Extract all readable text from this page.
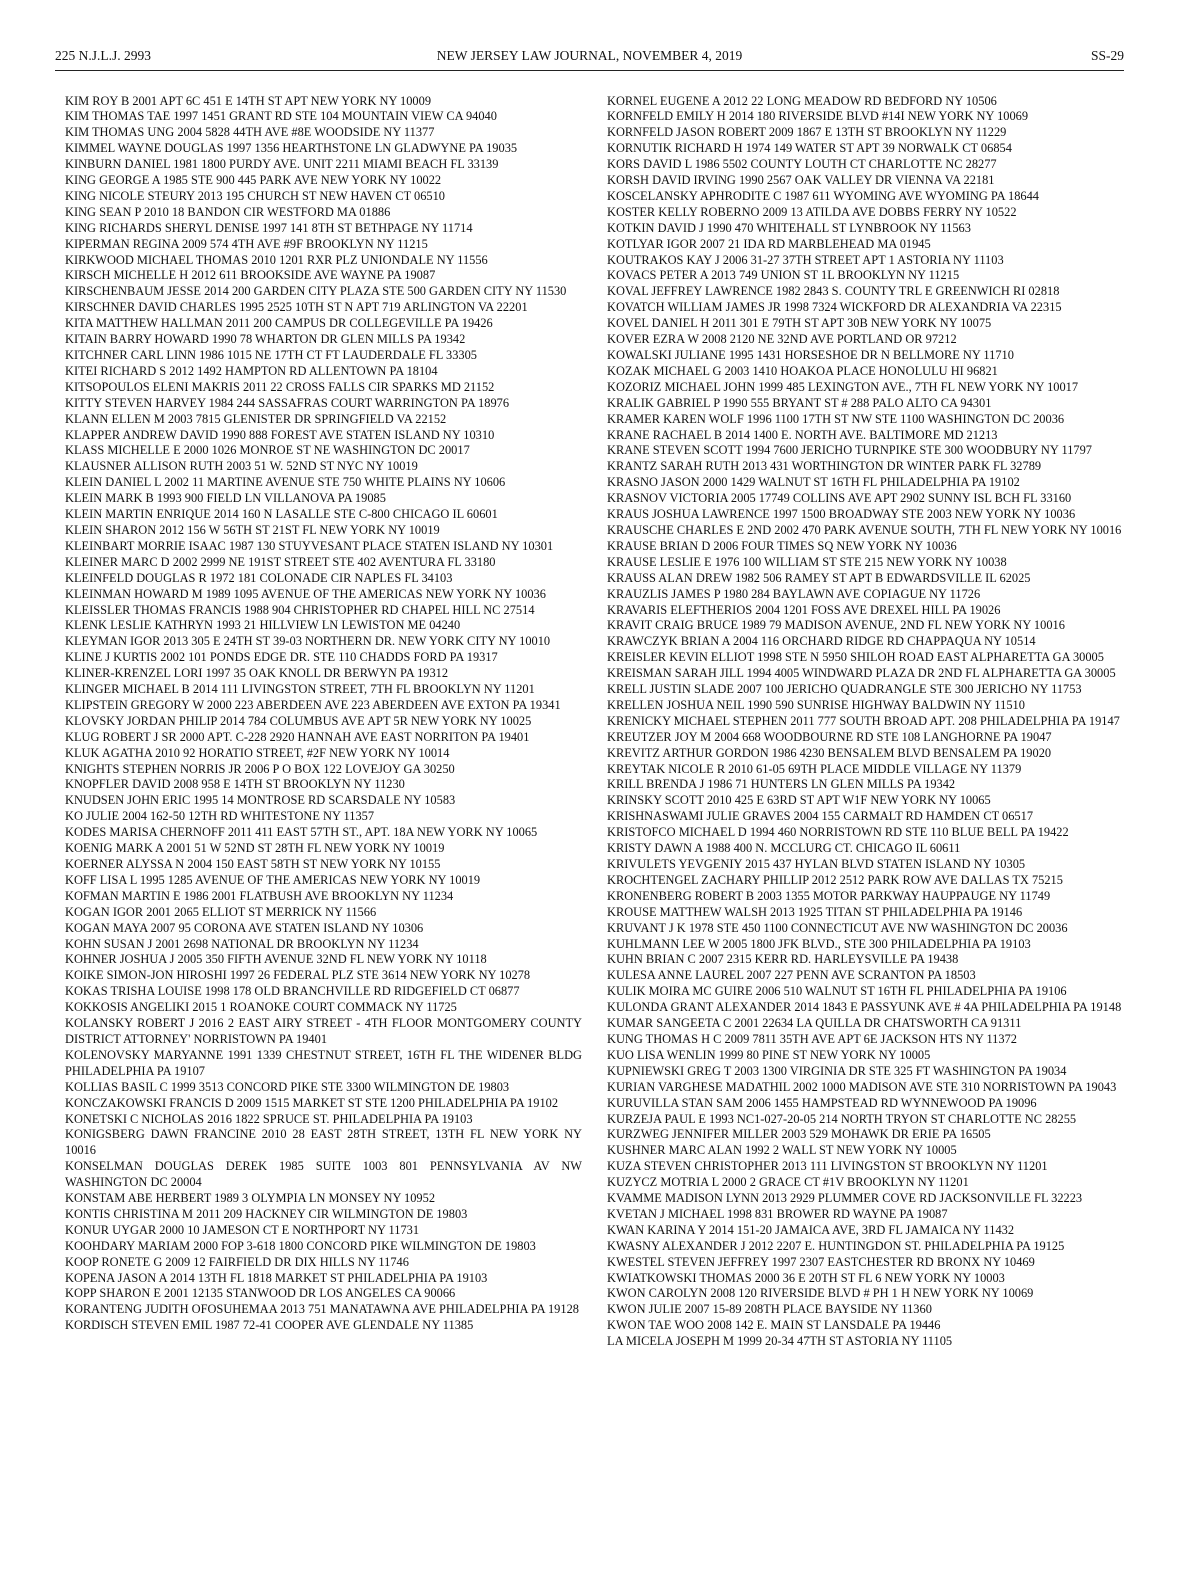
225 N.J.L.J. 2993	NEW JERSEY LAW JOURNAL, NOVEMBER 4, 2019	SS-29

KIM ROY B 2001 APT 6C 451 E 14TH ST APT NEW YORK NY 10009

KIM THOMAS TAE 1997 1451 GRANT RD STE 104 MOUNTAIN VIEW CA 94040

KIM THOMAS UNG 2004 5828 44TH AVE #8E WOODSIDE NY 11377

KIMMEL WAYNE DOUGLAS 1997 1356 HEARTHSTONE LN GLADWYNE PA 19035

KINBURN DANIEL 1981 1800 PURDY AVE. UNIT 2211 MIAMI BEACH FL 33139

KING GEORGE A 1985 STE 900 445 PARK AVE NEW YORK NY 10022

KING NICOLE STEURY 2013 195 CHURCH ST NEW HAVEN CT 06510

KING SEAN P 2010 18 BANDON CIR WESTFORD MA 01886

KING RICHARDS SHERYL DENISE 1997 141 8TH ST BETHPAGE NY 11714

KIPERMAN REGINA 2009 574 4TH AVE #9F BROOKLYN NY 11215

KIRKWOOD MICHAEL THOMAS 2010 1201 RXR PLZ UNIONDALE NY 11556

KIRSCH MICHELLE H 2012 611 BROOKSIDE AVE WAYNE PA 19087

KIRSCHENBAUM JESSE 2014 200 GARDEN CITY PLAZA STE 500 GARDEN CITY NY 11530

KIRSCHNER DAVID CHARLES 1995 2525 10TH ST N APT 719 ARLINGTON VA 22201

KITA MATTHEW HALLMAN 2011 200 CAMPUS DR COLLEGEVILLE PA 19426

KITAIN BARRY HOWARD 1990 78 WHARTON DR GLEN MILLS PA 19342

KITCHNER CARL LINN 1986 1015 NE 17TH CT FT LAUDERDALE FL 33305

KITEI RICHARD S 2012 1492 HAMPTON RD ALLENTOWN PA 18104

KITSOPOULOS ELENI MAKRIS 2011 22 CROSS FALLS CIR SPARKS MD 21152

KITTY STEVEN HARVEY 1984 244 SASSAFRAS COURT WARRINGTON PA 18976

KLANN ELLEN M 2003 7815 GLENISTER DR SPRINGFIELD VA 22152

KLAPPER ANDREW DAVID 1990 888 FOREST AVE STATEN ISLAND NY 10310

KLASS MICHELLE E 2000 1026 MONROE ST NE WASHINGTON DC 20017

KLAUSNER ALLISON RUTH 2003 51 W. 52ND ST NYC NY 10019

KLEIN DANIEL L 2002 11 MARTINE AVENUE STE 750 WHITE PLAINS NY 10606

KLEIN MARK B 1993 900 FIELD LN VILLANOVA PA 19085

KLEIN MARTIN ENRIQUE 2014 160 N LASALLE STE C-800 CHICAGO IL 60601

KLEIN SHARON 2012 156 W 56TH ST 21ST FL NEW YORK NY 10019

KLEINBART MORRIE ISAAC 1987 130 STUYVESANT PLACE STATEN ISLAND NY 10301

KLEINER MARC D 2002 2999 NE 191ST STREET STE 402 AVENTURA FL 33180

KLEINFELD DOUGLAS R 1972 181 COLONADE CIR NAPLES FL 34103

KLEINMAN HOWARD M 1989 1095 AVENUE OF THE AMERICAS NEW YORK NY 10036

KLEISSLER THOMAS FRANCIS 1988 904 CHRISTOPHER RD CHAPEL HILL NC 27514

KLENK LESLIE KATHRYN 1993 21 HILLVIEW LN LEWISTON ME 04240

KLEYMAN IGOR 2013 305 E 24TH ST 39-03 NORTHERN DR. NEW YORK CITY NY 10010

KLINE J KURTIS 2002 101 PONDS EDGE DR. STE 110 CHADDS FORD PA 19317

KLINER-KRENZEL LORI 1997 35 OAK KNOLL DR BERWYN PA 19312

KLINGER MICHAEL B 2014 111 LIVINGSTON STREET, 7TH FL BROOKLYN NY 11201

KLIPSTEIN GREGORY W 2000 223 ABERDEEN AVE 223 ABERDEEN AVE EXTON PA 19341

KLOVSKY JORDAN PHILIP 2014 784 COLUMBUS AVE APT 5R NEW YORK NY 10025

KLUG ROBERT J SR 2000 APT. C-228 2920 HANNAH AVE EAST NORRITON PA 19401

KLUK AGATHA 2010 92 HORATIO STREET, #2F NEW YORK NY 10014

KNIGHTS STEPHEN NORRIS JR 2006 P O BOX 122 LOVEJOY GA 30250

KNOPFLER DAVID 2008 958 E 14TH ST BROOKLYN NY 11230

KNUDSEN JOHN ERIC 1995 14 MONTROSE RD SCARSDALE NY 10583

KO JULIE 2004 162-50 12TH RD WHITESTONE NY 11357

KODES MARISA CHERNOFF 2011 411 EAST 57TH ST., APT. 18A NEW YORK NY 10065

KOENIG MARK A 2001 51 W 52ND ST 28TH FL NEW YORK NY 10019

KOERNER ALYSSA N 2004 150 EAST 58TH ST NEW YORK NY 10155

KOFF LISA L 1995 1285 AVENUE OF THE AMERICAS NEW YORK NY 10019

KOFMAN MARTIN E 1986 2001 FLATBUSH AVE BROOKLYN NY 11234

KOGAN IGOR 2001 2065 ELLIOT ST MERRICK NY 11566

KOGAN MAYA 2007 95 CORONA AVE STATEN ISLAND NY 10306

KOHN SUSAN J 2001 2698 NATIONAL DR BROOKLYN NY 11234

KOHNER JOSHUA J 2005 350 FIFTH AVENUE 32ND FL NEW YORK NY 10118

KOIKE SIMON-JON HIROSHI 1997 26 FEDERAL PLZ STE 3614 NEW YORK NY 10278

KOKAS TRISHA LOUISE 1998 178 OLD BRANCHVILLE RD RIDGEFIELD CT 06877

KOKKOSIS ANGELIKI 2015 1 ROANOKE COURT COMMACK NY 11725

KOLANSKY ROBERT J 2016 2 EAST AIRY STREET - 4TH FLOOR MONTGOMERY COUNTY DISTRICT ATTORNEY' NORRISTOWN PA 19401

KOLENOVSKY MARYANNE 1991 1339 CHESTNUT STREET, 16TH FL THE WIDENER BLDG PHILADELPHIA PA 19107

KOLLIAS BASIL C 1999 3513 CONCORD PIKE STE 3300 WILMINGTON DE 19803

KONCZAKOWSKI FRANCIS D 2009 1515 MARKET ST STE 1200 PHILADELPHIA PA 19102

KONETSKI C NICHOLAS 2016 1822 SPRUCE ST. PHILADELPHIA PA 19103

KONIGSBERG DAWN FRANCINE 2010 28 EAST 28TH STREET, 13TH FL NEW YORK NY 10016

KONSELMAN DOUGLAS DEREK 1985 SUITE 1003 801 PENNSYLVANIA AV NW WASHINGTON DC 20004

KONSTAM ABE HERBERT 1989 3 OLYMPIA LN MONSEY NY 10952

KONTIS CHRISTINA M 2011 209 HACKNEY CIR WILMINGTON DE 19803

KONUR UYGAR 2000 10 JAMESON CT E NORTHPORT NY 11731

KOOHDARY MARIAM 2000 FOP 3-618 1800 CONCORD PIKE WILMINGTON DE 19803

KOOP RONETE G 2009 12 FAIRFIELD DR DIX HILLS NY 11746

KOPENA JASON A 2014 13TH FL 1818 MARKET ST PHILADELPHIA PA 19103

KOPP SHARON E 2001 12135 STANWOOD DR LOS ANGELES CA 90066

KORANTENG JUDITH OFOSUHEMAA 2013 751 MANATAWNA AVE PHILADELPHIA PA 19128

KORDISCH STEVEN EMIL 1987 72-41 COOPER AVE GLENDALE NY 11385

KORNEL EUGENE A 2012 22 LONG MEADOW RD BEDFORD NY 10506

KORNFELD EMILY H 2014 180 RIVERSIDE BLVD #14I NEW YORK NY 10069

KORNFELD JASON ROBERT 2009 1867 E 13TH ST BROOKLYN NY 11229

KORNUTIK RICHARD H 1974 149 WATER ST APT 39 NORWALK CT 06854

KORS DAVID L 1986 5502 COUNTY LOUTH CT CHARLOTTE NC 28277

KORSH DAVID IRVING 1990 2567 OAK VALLEY DR VIENNA VA 22181

KOSCELANSKY APHRODITE C 1987 611 WYOMING AVE WYOMING PA 18644

KOSTER KELLY ROBERNO 2009 13 ATILDA AVE DOBBS FERRY NY 10522

KOTKIN DAVID J 1990 470 WHITEHALL ST LYNBROOK NY 11563

KOTLYAR IGOR 2007 21 IDA RD MARBLEHEAD MA 01945

KOUTRAKOS KAY J 2006 31-27 37TH STREET APT 1 ASTORIA NY 11103

KOVACS PETER A 2013 749 UNION ST 1L BROOKLYN NY 11215

KOVAL JEFFREY LAWRENCE 1982 2843 S. COUNTY TRL E GREENWICH RI 02818

KOVATCH WILLIAM JAMES JR 1998 7324 WICKFORD DR ALEXANDRIA VA 22315

KOVEL DANIEL H 2011 301 E 79TH ST APT 30B NEW YORK NY 10075

KOVER EZRA W 2008 2120 NE 32ND AVE PORTLAND OR 97212

KOWALSKI JULIANE 1995 1431 HORSESHOE DR N BELLMORE NY 11710

KOZAK MICHAEL G 2003 1410 HOAKOA PLACE HONOLULU HI 96821

KOZORIZ MICHAEL JOHN 1999 485 LEXINGTON AVE., 7TH FL NEW YORK NY 10017

KRALIK GABRIEL P 1990 555 BRYANT ST # 288 PALO ALTO CA 94301

KRAMER KAREN WOLF 1996 1100 17TH ST NW STE 1100 WASHINGTON DC 20036

KRANE RACHAEL B 2014 1400 E. NORTH AVE. BALTIMORE MD 21213

KRANE STEVEN SCOTT 1994 7600 JERICHO TURNPIKE STE 300 WOODBURY NY 11797

KRANTZ SARAH RUTH 2013 431 WORTHINGTON DR WINTER PARK FL 32789

KRASNO JASON 2000 1429 WALNUT ST 16TH FL PHILADELPHIA PA 19102

KRASNOV VICTORIA 2005 17749 COLLINS AVE APT 2902 SUNNY ISL BCH FL 33160

KRAUS JOSHUA LAWRENCE 1997 1500 BROADWAY STE 2003 NEW YORK NY 10036

KRAUSCHE CHARLES E 2ND 2002 470 PARK AVENUE SOUTH, 7TH FL NEW YORK NY 10016

KRAUSE BRIAN D 2006 FOUR TIMES SQ NEW YORK NY 10036

KRAUSE LESLIE E 1976 100 WILLIAM ST STE 215 NEW YORK NY 10038

KRAUSS ALAN DREW 1982 506 RAMEY ST APT B EDWARDSVILLE IL 62025

KRAUZLIS JAMES P 1980 284 BAYLAWN AVE COPIAGUE NY 11726

KRAVARIS ELEFTHERIOS 2004 1201 FOSS AVE DREXEL HILL PA 19026

KRAVIT CRAIG BRUCE 1989 79 MADISON AVENUE, 2ND FL NEW YORK NY 10016

KRAWCZYK BRIAN A 2004 116 ORCHARD RIDGE RD CHAPPAQUA NY 10514

KREISLER KEVIN ELLIOT 1998 STE N 5950 SHILOH ROAD EAST ALPHARETTA GA 30005

KREISMAN SARAH JILL 1994 4005 WINDWARD PLAZA DR 2ND FL ALPHARETTA GA 30005

KRELL JUSTIN SLADE 2007 100 JERICHO QUADRANGLE STE 300 JERICHO NY 11753

KRELLEN JOSHUA NEIL 1990 590 SUNRISE HIGHWAY BALDWIN NY 11510

KRENICKY MICHAEL STEPHEN 2011 777 SOUTH BROAD APT. 208 PHILADELPHIA PA 19147

KREUTZER JOY M 2004 668 WOODBOURNE RD STE 108 LANGHORNE PA 19047

KREVITZ ARTHUR GORDON 1986 4230 BENSALEM BLVD BENSALEM PA 19020

KREYTAK NICOLE R 2010 61-05 69TH PLACE MIDDLE VILLAGE NY 11379

KRILL BRENDA J 1986 71 HUNTERS LN GLEN MILLS PA 19342

KRINSKY SCOTT 2010 425 E 63RD ST APT W1F NEW YORK NY 10065

KRISHNASWAMI JULIE GRAVES 2004 155 CARMALT RD HAMDEN CT 06517

KRISTOFCO MICHAEL D 1994 460 NORRISTOWN RD STE 110 BLUE BELL PA 19422

KRISTY DAWN A 1988 400 N. MCCLURG CT. CHICAGO IL 60611

KRIVULETS YEVGENIY 2015 437 HYLAN BLVD STATEN ISLAND NY 10305

KROCHTENGEL ZACHARY PHILLIP 2012 2512 PARK ROW AVE DALLAS TX 75215

KRONENBERG ROBERT B 2003 1355 MOTOR PARKWAY HAUPPAUGE NY 11749

KROUSE MATTHEW WALSH 2013 1925 TITAN ST PHILADELPHIA PA 19146

KRUVANT J K 1978 STE 450 1100 CONNECTICUT AVE NW WASHINGTON DC 20036

KUHLMANN LEE W 2005 1800 JFK BLVD., STE 300 PHILADELPHIA PA 19103

KUHN BRIAN C 2007 2315 KERR RD. HARLEYSVILLE PA 19438

KULESA ANNE LAUREL 2007 227 PENN AVE SCRANTON PA 18503

KULIK MOIRA MC GUIRE 2006 510 WALNUT ST 16TH FL PHILADELPHIA PA 19106

KULONDA GRANT ALEXANDER 2014 1843 E PASSYUNK AVE # 4A PHILADELPHIA PA 19148

KUMAR SANGEETA C 2001 22634 LA QUILLA DR CHATSWORTH CA 91311

KUNG THOMAS H C 2009 7811 35TH AVE APT 6E JACKSON HTS NY 11372

KUO LISA WENLIN 1999 80 PINE ST NEW YORK NY 10005

KUPNIEWSKI GREG T 2003 1300 VIRGINIA DR STE 325 FT WASHINGTON PA 19034

KURIAN VARGHESE MADATHIL 2002 1000 MADISON AVE STE 310 NORRISTOWN PA 19043

KURUVILLA STAN SAM 2006 1455 HAMPSTEAD RD WYNNEWOOD PA 19096

KURZEJA PAUL E 1993 NC1-027-20-05 214 NORTH TRYON ST CHARLOTTE NC 28255

KURZWEG JENNIFER MILLER 2003 529 MOHAWK DR ERIE PA 16505

KUSHNER MARC ALAN 1992 2 WALL ST NEW YORK NY 10005

KUZA STEVEN CHRISTOPHER 2013 111 LIVINGSTON ST BROOKLYN NY 11201

KUZYCZ MOTRIA L 2000 2 GRACE CT #1V BROOKLYN NY 11201

KVAMME MADISON LYNN 2013 2929 PLUMMER COVE RD JACKSONVILLE FL 32223

KVETAN J MICHAEL 1998 831 BROWER RD WAYNE PA 19087

KWAN KARINA Y 2014 151-20 JAMAICA AVE, 3RD FL JAMAICA NY 11432

KWASNY ALEXANDER J 2012 2207 E. HUNTINGDON ST. PHILADELPHIA PA 19125

KWESTEL STEVEN JEFFREY 1997 2307 EASTCHESTER RD BRONX NY 10469

KWIATKOWSKI THOMAS 2000 36 E 20TH ST FL 6 NEW YORK NY 10003

KWON CAROLYN 2008 120 RIVERSIDE BLVD # PH 1 H NEW YORK NY 10069

KWON JULIE 2007 15-89 208TH PLACE BAYSIDE NY 11360

KWON TAE WOO 2008 142 E. MAIN ST LANSDALE PA 19446

LA MICELA JOSEPH M 1999 20-34 47TH ST ASTORIA NY 11105
